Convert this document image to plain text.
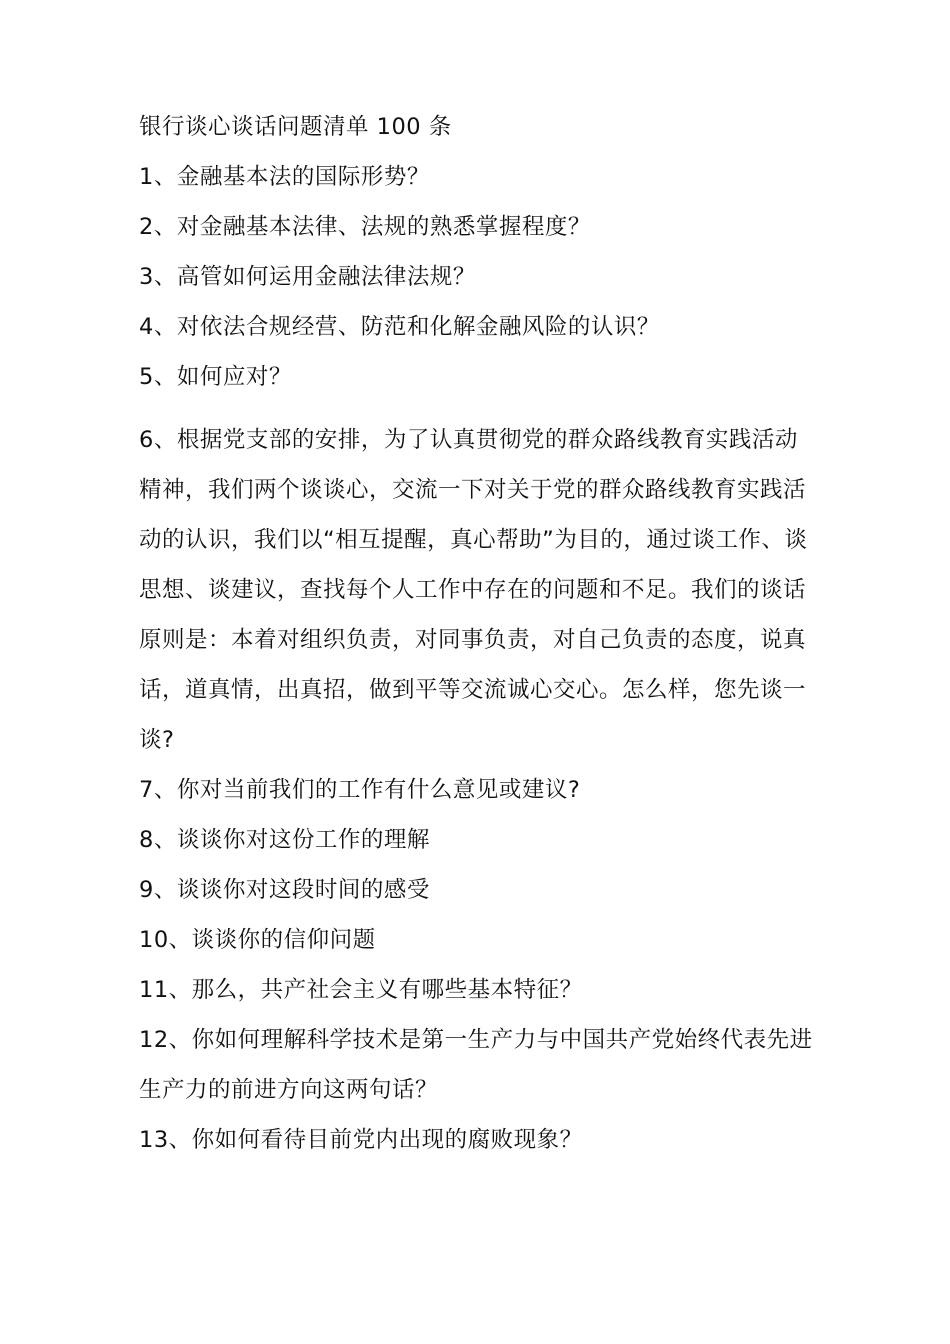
银行谈心谈话问题清单 100 条

1、金融基本法的国际形势？

2、对金融基本法律、法规的熟悉掌握程度？

3、高管如何运用金融法律法规？

4、对依法合规经营、防范和化解金融风险的认识？

5、如何应对？

6、根据党支部的安排，为了认真贯彻党的群众路线教育实践活动精神，我们两个谈谈心，交流一下对关于党的群众路线教育实践活动的认识，我们以“相互提醒，真心帮助”为目的，通过谈工作、谈思想、谈建议，查找每个人工作中存在的问题和不足。我们的谈话原则是：本着对组织负责，对同事负责，对自己负责的态度，说真话，道真情，出真招，做到平等交流诚心交心。怎么样，您先谈一谈?

7、你对当前我们的工作有什么意见或建议?

8、谈谈你对这份工作的理解

9、谈谈你对这段时间的感受

10、谈谈你的信仰问题

11、那么，共产社会主义有哪些基本特征？

12、你如何理解科学技术是第一生产力与中国共产党始终代表先进生产力的前进方向这两句话？

13、你如何看待目前党内出现的腐败现象？
